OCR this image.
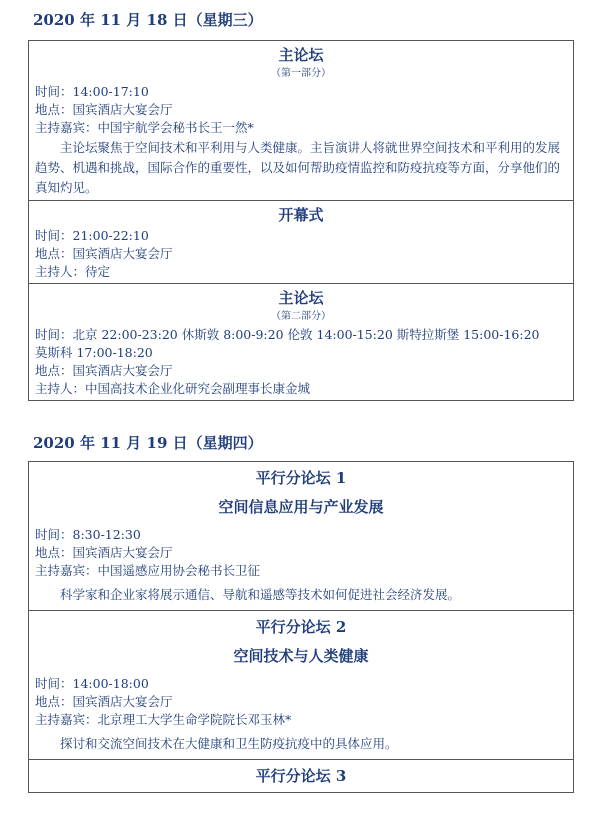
2020 年 11 月 18 日（星期三）
主论坛
（第一部分）
时间：14:00-17:10
地点：国宾酒店大宴会厅
主持嘉宾：中国宇航学会秘书长王一然*
主论坛聚焦于空间技术和平利用与人类健康。主旨演讲人将就世界空间技术和平利用的发展趋势、机遇和挑战，国际合作的重要性，以及如何帮助疫情监控和防疫抗疫等方面，分享他们的真知灼见。
开幕式
时间：21:00-22:10
地点：国宾酒店大宴会厅
主持人：待定
主论坛
（第二部分）
时间：北京 22:00-23:20 休斯敦 8:00-9:20 伦敦 14:00-15:20 斯特拉斯堡 15:00-16:20
莫斯科 17:00-18:20
地点：国宾酒店大宴会厅
主持人：中国高技术企业化研究会副理事长康金城
2020 年 11 月 19 日（星期四）
平行分论坛 1
空间信息应用与产业发展
时间：8:30-12:30
地点：国宾酒店大宴会厅
主持嘉宾：中国遥感应用协会秘书长卫征
科学家和企业家将展示通信、导航和遥感等技术如何促进社会经济发展。
平行分论坛 2
空间技术与人类健康
时间：14:00-18:00
地点：国宾酒店大宴会厅
主持嘉宾：北京理工大学生命学院院长邓玉林*
探讨和交流空间技术在大健康和卫生防疫抗疫中的具体应用。
平行分论坛 3
